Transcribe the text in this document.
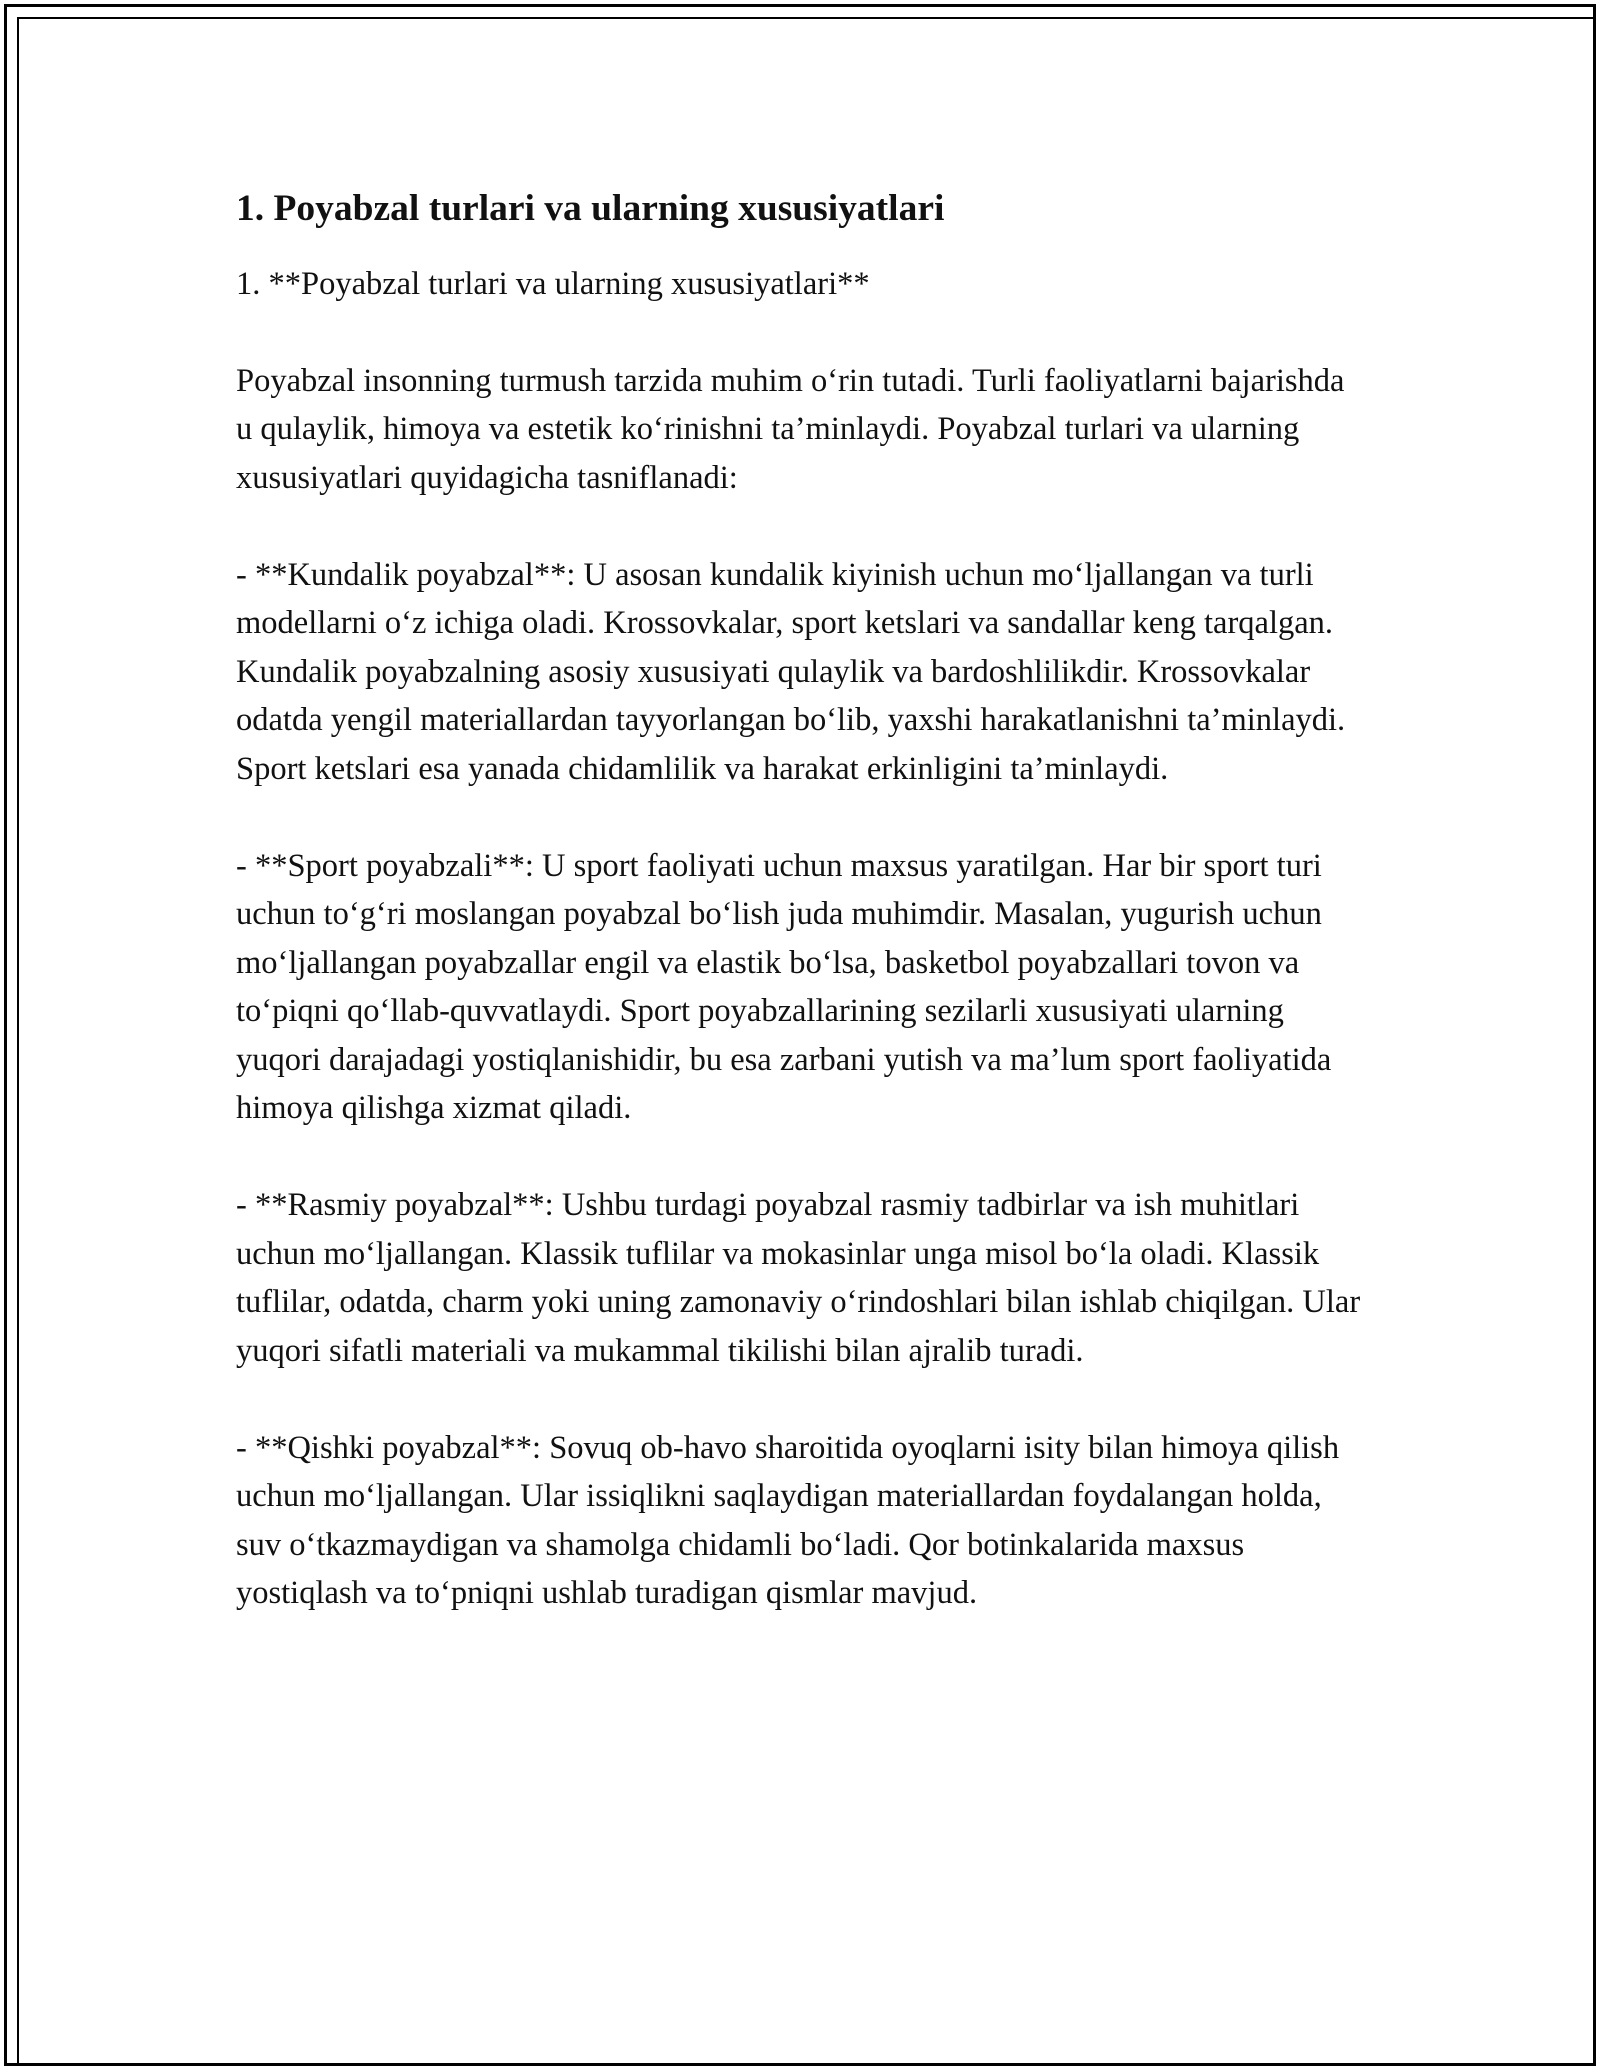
1. Poyabzal turlari va ularning xususiyatlari

1. **Poyabzal turlari va ularning xususiyatlari**

Poyabzal insonning turmush tarzida muhim o‘rin tutadi. Turli faoliyatlarni bajarishda u qulaylik, himoya va estetik ko‘rinishni ta’minlaydi. Poyabzal turlari va ularning xususiyatlari quyidagicha tasniflanadi:

- **Kundalik poyabzal**: U asosan kundalik kiyinish uchun mo‘ljallangan va turli modellarni o‘z ichiga oladi. Krossovkalar, sport ketslari va sandallar keng tarqalgan. Kundalik poyabzalning asosiy xususiyati qulaylik va bardoshlilikdir. Krossovkalar odatda yengil materiallardan tayyorlangan bo‘lib, yaxshi harakatlanishni ta’minlaydi. Sport ketslari esa yanada chidamlilik va harakat erkinligini ta’minlaydi.

- **Sport poyabzali**: U sport faoliyati uchun maxsus yaratilgan. Har bir sport turi uchun to‘g‘ri moslangan poyabzal bo‘lish juda muhimdir. Masalan, yugurish uchun mo‘ljallangan poyabzallar engil va elastik bo‘lsa, basketbol poyabzallari tovon va to‘piqni qo‘llab-quvvatlaydi. Sport poyabzallarining sezilarli xususiyati ularning yuqori darajadagi yostiqlanishidir, bu esa zarbani yutish va ma’lum sport faoliyatida himoya qilishga xizmat qiladi.

- **Rasmiy poyabzal**: Ushbu turdagi poyabzal rasmiy tadbirlar va ish muhitlari uchun mo‘ljallangan. Klassik tuflilar va mokasinlar unga misol bo‘la oladi. Klassik tuflilar, odatda, charm yoki uning zamonaviy o‘rindoshlari bilan ishlab chiqilgan. Ular yuqori sifatli materiali va mukammal tikilishi bilan ajralib turadi.

- **Qishki poyabzal**: Sovuq ob-havo sharoitida oyoqlarni isity bilan himoya qilish uchun mo‘ljallangan. Ular issiqlikni saqlaydigan materiallardan foydalangan holda, suv o‘tkazmaydigan va shamolga chidamli bo‘ladi. Qor botinkalarida maxsus yostiqlash va to‘pniqni ushlab turadigan qismlar mavjud.
